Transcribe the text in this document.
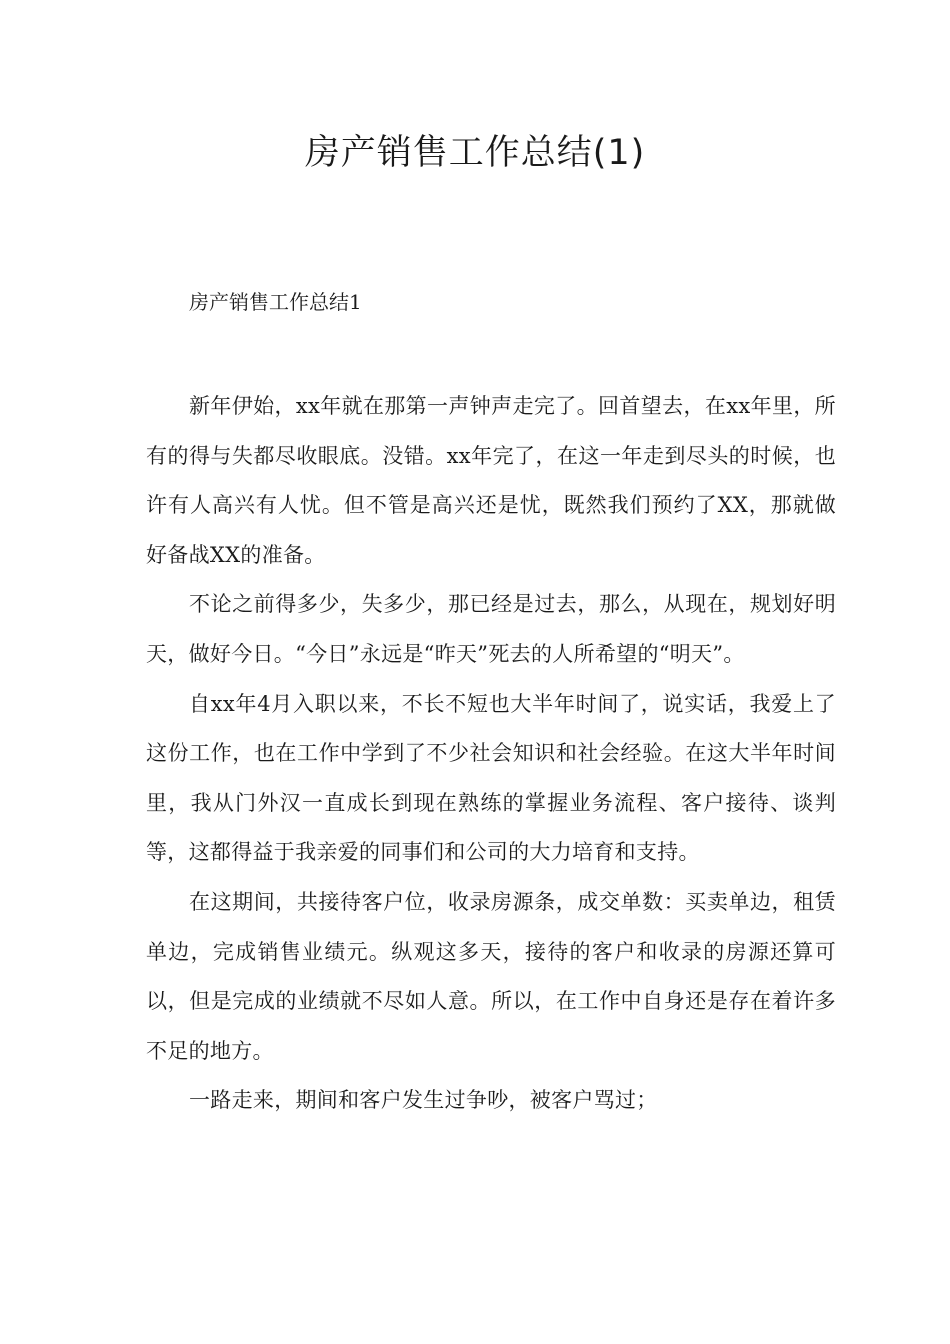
房产销售工作总结(1)
房产销售工作总结1

新年伊始，xx年就在那第一声钟声走完了。回首望去，在xx年里，所有的得与失都尽收眼底。没错。xx年完了，在这一年走到尽头的时候，也许有人高兴有人忧。但不管是高兴还是忧，既然我们预约了XX，那就做好备战XX的准备。

不论之前得多少，失多少，那已经是过去，那么，从现在，规划好明天，做好今日。“今日”永远是“昨天”死去的人所希望的“明天”。

自xx年4月入职以来，不长不短也大半年时间了，说实话，我爱上了这份工作，也在工作中学到了不少社会知识和社会经验。在这大半年时间里，我从门外汉一直成长到现在熟练的掌握业务流程、客户接待、谈判等，这都得益于我亲爱的同事们和公司的大力培育和支持。

在这期间，共接待客户位，收录房源条，成交单数：买卖单边，租赁单边，完成销售业绩元。纵观这多天，接待的客户和收录的房源还算可以，但是完成的业绩就不尽如人意。所以，在工作中自身还是存在着许多不足的地方。

一路走来，期间和客户发生过争吵，被客户骂过；
